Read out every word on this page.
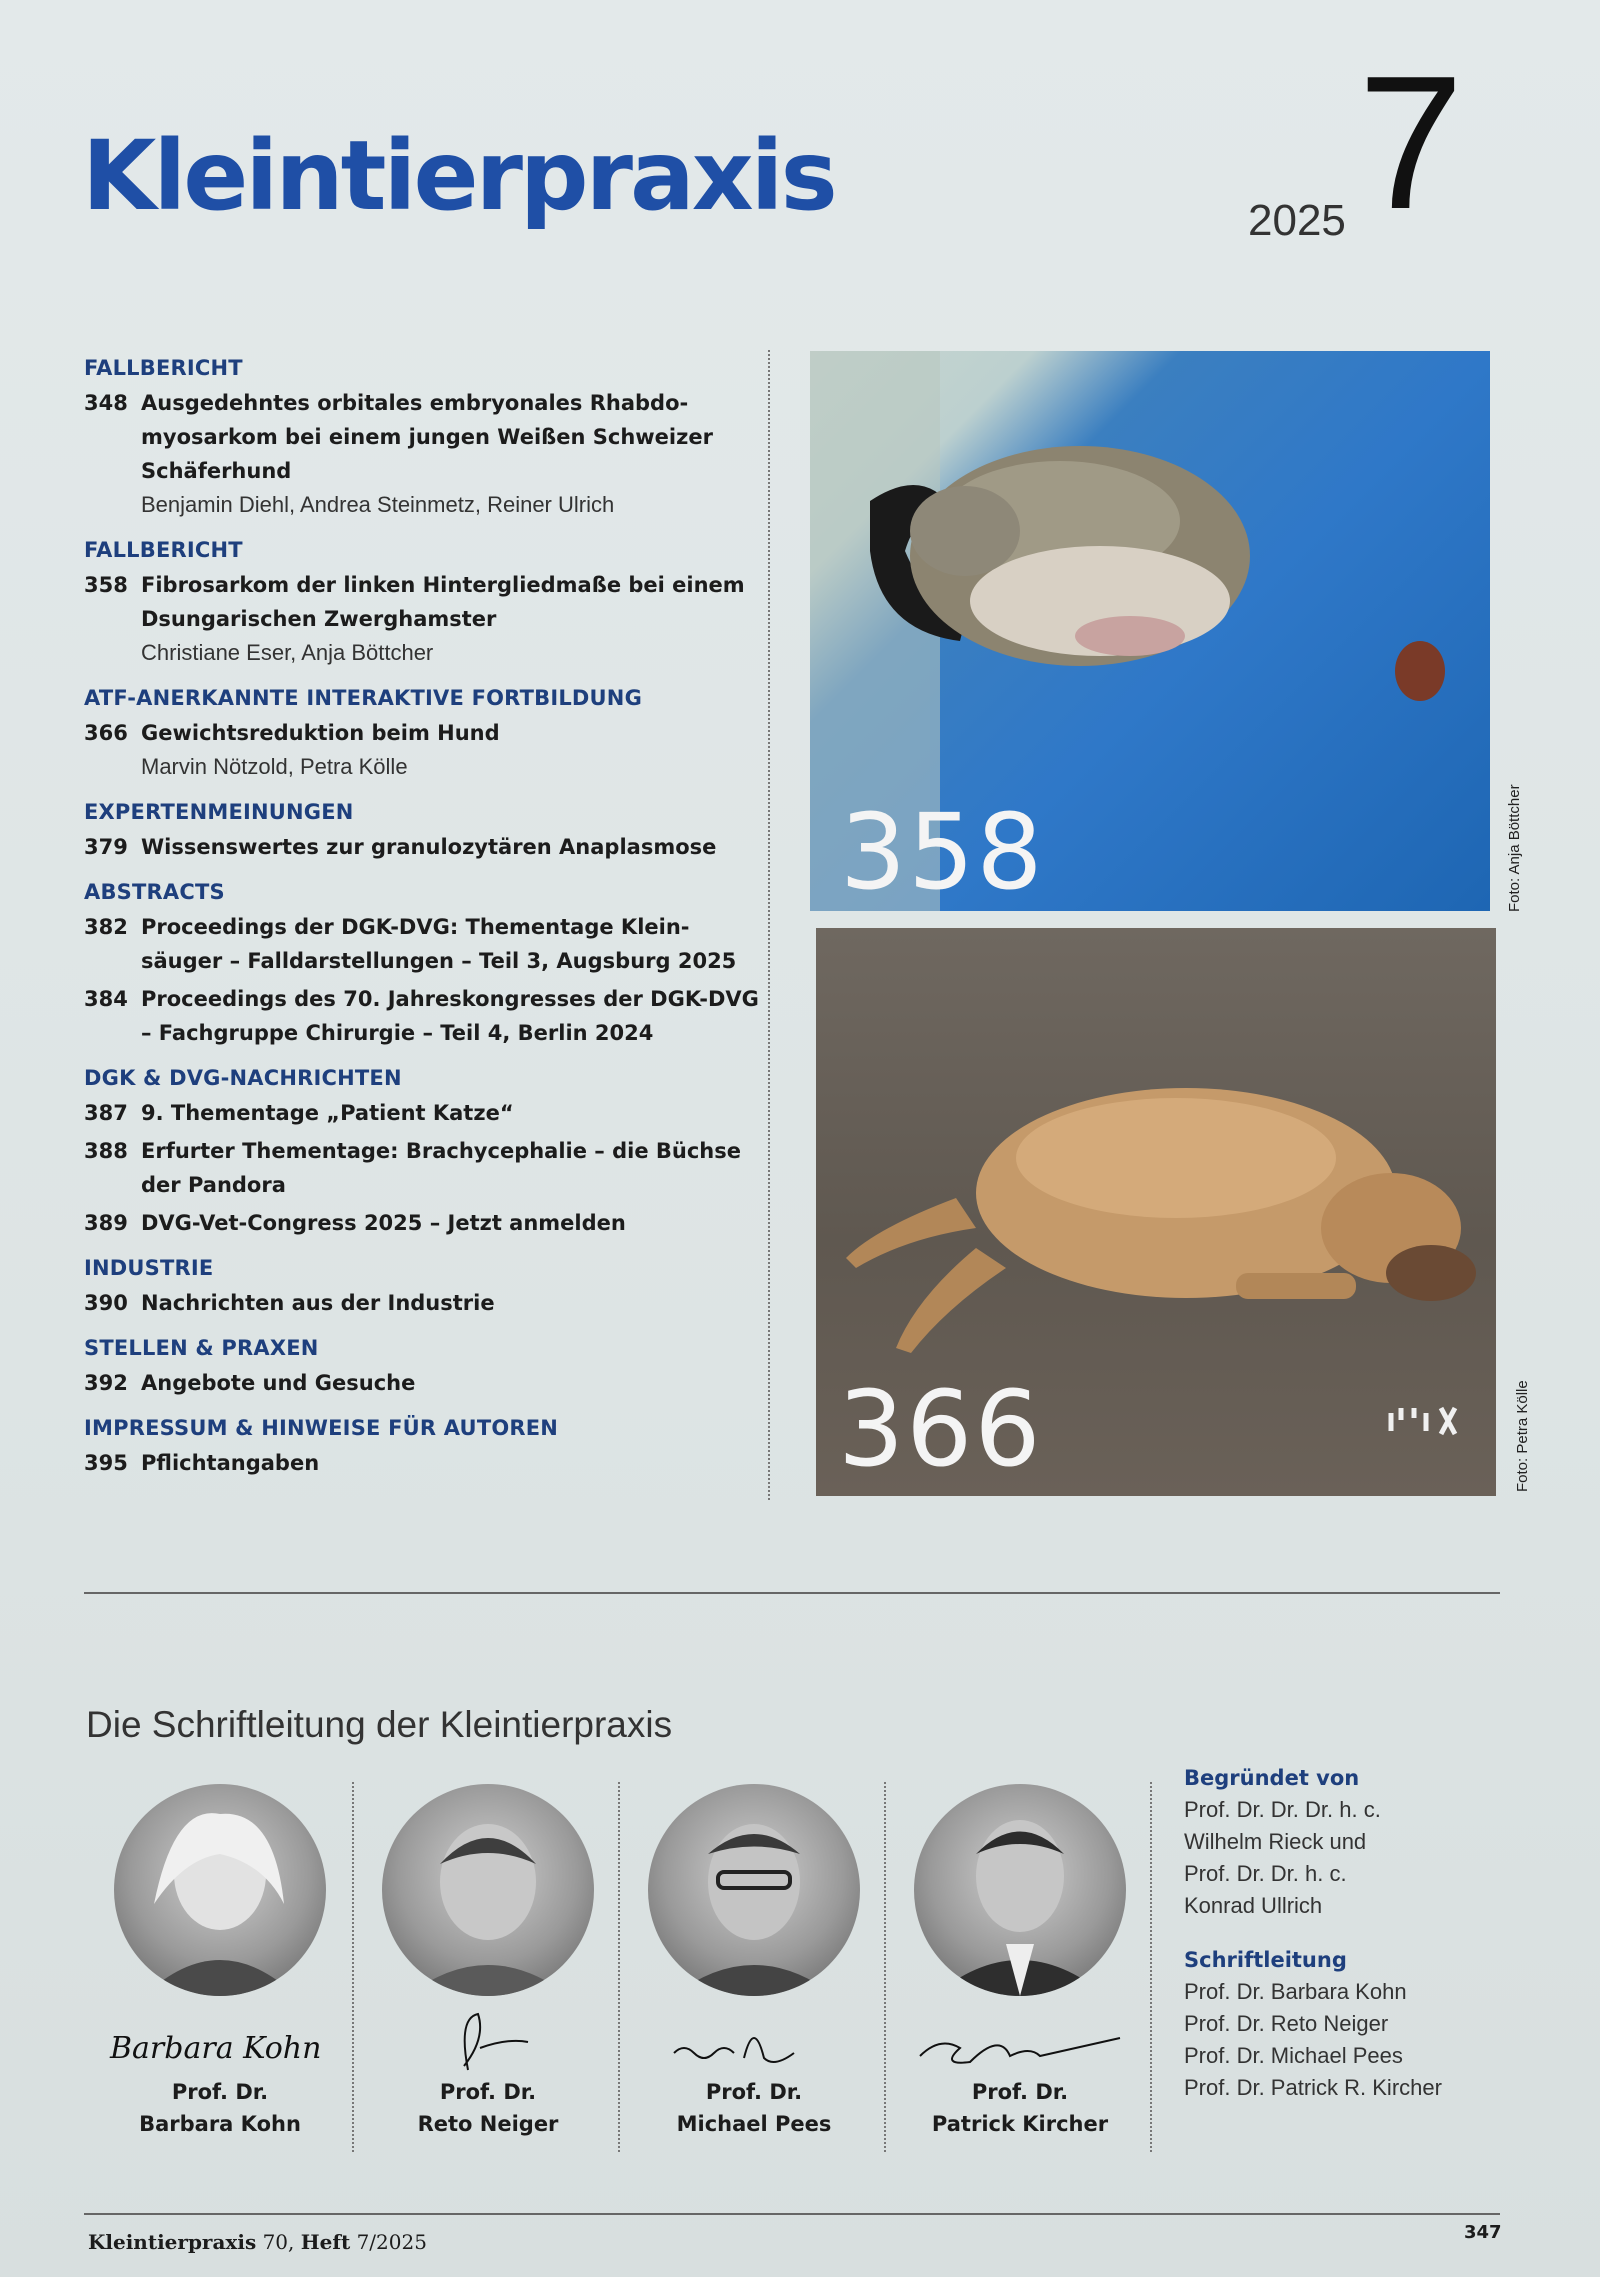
Kleintierpraxis	2025 7
FALLBERICHT
348 Ausgedehntes orbitales embryonales Rhabdo-myosarkom bei einem jungen Weißen Schweizer Schäferhund
Benjamin Diehl, Andrea Steinmetz, Reiner Ulrich
FALLBERICHT
358 Fibrosarkom der linken Hintergliedmaße bei einem Dsungarischen Zwerghamster
Christiane Eser, Anja Böttcher
ATF-ANERKANNTE INTERAKTIVE FORTBILDUNG
366 Gewichtsreduktion beim Hund
Marvin Nötzold, Petra Kölle
EXPERTENMEINUNGEN
379 Wissenswertes zur granulozytären Anaplasmose
ABSTRACTS
382 Proceedings der DGK-DVG: Thementage Klein-säuger – Falldarstellungen – Teil 3, Augsburg 2025
384 Proceedings des 70. Jahreskongresses der DGK-DVG – Fachgruppe Chirurgie – Teil 4, Berlin 2024
DGK & DVG-NACHRICHTEN
387 9. Thementage „Patient Katze“
388 Erfurter Thementage: Brachycephalie – die Büchse der Pandora
389 DVG-Vet-Congress 2025 – Jetzt anmelden
INDUSTRIE
390 Nachrichten aus der Industrie
STELLEN & PRAXEN
392 Angebote und Gesuche
IMPRESSUM & HINWEISE FÜR AUTOREN
395 Pflichtangaben
358	Foto: Anja Böttcher
366	Foto: Petra Kölle
Die Schriftleitung der Kleintierpraxis
Barbara Kohn
Prof. Dr.
Barbara Kohn
Prof. Dr.
Reto Neiger
Prof. Dr.
Michael Pees
Prof. Dr.
Patrick Kircher
Begründet von
Prof. Dr. Dr. Dr. h. c.
Wilhelm Rieck und
Prof. Dr. Dr. h. c.
Konrad Ullrich
Schriftleitung
Prof. Dr. Barbara Kohn
Prof. Dr. Reto Neiger
Prof. Dr. Michael Pees
Prof. Dr. Patrick R. Kircher
Kleintierpraxis 70, Heft 7/2025	347
